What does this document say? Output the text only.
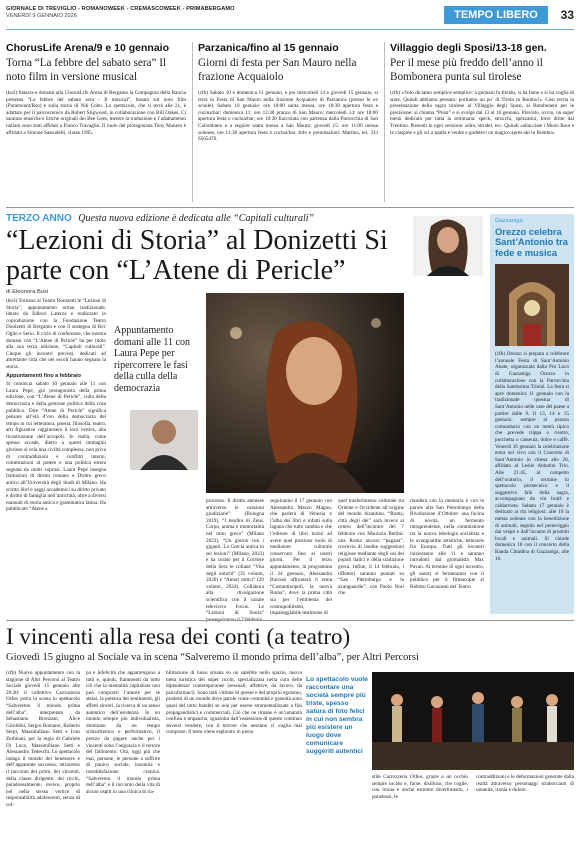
GIORNALE DI TREVIGLIO - ROMANOWEEK - CREMASCOWEEK - PRIMABERGAMO
VENERDÌ 9 GENNAIO 2026	TEMPO LIBERO	33
ChorusLife Arena/9 e 10 gennaio
Torna “La febbre del sabato sera” Il noto film in versione musical
(bo2) Stasera e domani alla ChorusLife Arena di Bergamo la Compagnia della Rancia presenta “La febbre del sabato sera - Il musical”, basato sul noto film (Paramount/Rso) e sulla storia di Nik Cohn. Lo spettacolo, che si terrà alle 21, è adattato per il palcoscenico da Robert Stigwood, in collaborazione con Bill Oakes. Ci saranno musiche e lirtche originali dei Bee Gees, mentre la traduzione e l’adattamento italiani sono stati affidati a Franco Travaglio. Il ruolo del protagonista Tony Manero è affidato a Simone Sassudelli, classe 1995.
Parzanica/fino al 15 gennaio
Giorni di festa per San Mauro nella frazione Acquaiolo
(cfb) Sabato 10 e domenica 11 gennaio, e poi mercoledì 14 e giovedì 15 gennaio, si terrà la Festa di San Mauro nella frazione Acquaiolo di Parzanica (presso le ex scuole). Sabato 10 gennaio: ore 18:00 santa messa, ore 18:30 apertura festa e cucina/bar; domenica 11: ore 12:30 pranzo di San Mauro; mercoledì 14: ore 18:00 apertura festa e cucina/bar, ore 18:30 fiaccolata con partenza dalla Parrocchia di San Colombano e a seguire santa messa a San Mauro; giovedì 15: ore 11:00 messa solenne, ore 11:30 apertura festa e cucina/bar. Info e prenotazioni: Martina, tel. 333 6565470.
Villaggio degli Sposi/13-18 gen.
Per il mese più freddo dell’anno il Bombonera punta sul tirolese
(cfb) «Volo diciamo semplice semplice: a gennaio fa freddo, si ha fame e si ha voglia di stare. Quindi abbiamo pensato: portiamo un po’ di Tirolo in Bombo!». Così recita la presentazione della sagra tirolese al Villaggio degli Sposi, al Bombonera per le precisione: si chiama “Prost” e si svolge dal 13 al 18 gennaio. Previsto, ovvio, un super menù dedicato per tutta la settimana: speck, strucchi, spezzatini, birre dritte dal Trentino. Presenti in ogni versione: sidro, strudel, ecc. Quindi «allacciate i Moon Boot e le ciaspole e gli sci a spalla e venite e godetevi un magico après-ski in Bombo».
TERZO ANNO Questa nuova edizione è dedicata alle “Capitali culturali”
“Lezioni di Storia” al Donizetti Si parte con “L’Atene di Pericle”
di Eleonora Busi
(bo3) Tornano al Teatro Donizetti le “Lezioni di Storia”, appuntamento ormai tradizionale, ideato da Editori Laterza e realizzato in coproduzione con la Fondazione Teatro Donizetti di Bergamo e con il sostegno di Bcc Oglio e Serio. Il ciclo di conferenze, che mostra domani con “L’Atene di Pericle” ha per titolo alla sua terza edizione, “Capitali culturali”. Cinque gli incontri previsti, dedicati ad altrettante città che nei secoli hanno segnato la storia.
Appuntamenti fino a febbraio
Si comincia sabato 10 gennaio alle 11 con Laura Pepe, già protagonista della prima edizione, con “L’Atene di Pericle”, culla della democrazia e della gestione politica della cosa pubblica. Dire “Atene di Pericle” significa pensare all’età d’oro della democrazia del tempo in cui letteratura, poesia, filosofia, teatro, arti figurative raggiunsero il loro vertice, alla ricostruzione dell’acropoli. In realtà, come spesso accade, dietro a questi immagini gloriose si cela una civiltà complessa, non priva di contraddizioni e conflitti interni, contestazioni al potere e una politica estera segnata da molti soprusi. Laura Pepé insegna Istituzioni di diritto romano e Diritto greco antico all’Università degli Studi di Milano. Ha scritto libri e saggi accademici su diritto privato e diritto di famiglia nell’antichità, oltre a diversi manuali di storia antica e grammatica latina. Ha pubblicato “Atene a
Appuntamento domani alle 11 con Laura Pepe per ripercorrere le fasi della culla della democrazia
processo. Il diritto ateniese attraverso le orazioni giudiziarie” (Bologna 2019), “I tendini di Zeus. Corpo, anima e immortalità nel mito greco” (Milano 2023), “Un giorno con i giganti. La Grecia antica in sei lezioni” (Milano, 2023) e ha curato per il Corriere della Sera le collane “Vita degli antichi” (35 volumi, 2020) e “Amori mitici” (20 volumi, 2024). Collabora alla divulgazione scientifica con il canale televisivo Focus. Le “Lezioni di Storia”
seguiranno il 17 gennaio con Alessandro Mazzo Magno, che parlerà di Venezia e l’alba dei libri e infatti sulla laguna che tutto cambia e che l’editore di libri iniziò ad avere quel prezioso ruolo di mediatore culturale conservato fino ai nostri giorni. Per il terzo appuntamento, in programma il 24 gennaio, Alessandra Bucossi affronterà il tema “Costantinopoli, la nuova Roma”, dove la prima città sia per l’emblema del cosmopolitismo, impareggiabile testimone di
quel trasferimento culturale tra Oriente e Occidente all’origine del mondo bizantino. “Roma, città degli dei” sarà invece al centro dell’incontro del 7 febbraio con Maurizio Bettini: una Roma ancora “pagana”, crocevia di inedite suggestioni religiose mediante degli usi dei popoli italici e della tradizione greca. Infine, il 14 febbraio, i riflettori saranno puntati su “San Pietroburgo e le avanguardie”, con Paolo Nori che
rianderà con la memoria e con le parole alla San Pietroburgo della Rivoluzione d’Ottobre: una fucina di novità, un fermento intraprendente, nella commistione tra la nuova ideologia socialista e le avanguardie artistiche, letterarie fra Europa. Tutti gli incontri inizieranno alle 11 e saranno introdotti dal giornalista Max Pavan. Al termine di ogni incontro, gli autori si fermeranno con il pubblico per il firmacopie al Ridotto Gavazzeni del Teatro.
Gazzaniga
Orezzo celebra Sant’Antonio tra fede e musica
(cfb) Orezzo si prepara a celebrare l’annuale Festa di Sant’Antonio Abate, organizzata dalla Pro Loco di Gazzaniga Orezzo in collaborazione con la Parrocchia della Santissima Trinità. La festa si apre domenica 11 gennaio con la tradizionale questua di Sant’Antonio nelle case del paese a partire dalle 9. Il 13, 14 e 15 gennaio, sempre al pranzo comunitario con un menù tipico che prevede trippa o risotto, porchetta o casseula, dolce e caffè. Venerdì 16 gennaio la celebrazione entra nel vivo con il Concerto di Sant’Antonio in chiesa alle 20, affidato al Leslie Abbatini Trio. Alle 21.45, al campetto dell’oratorio, il termine lo spettacolo pirotecnico e il suggestivo falò della sagra, accompagnato da vin brulè e caldarroste. Sabato 17 gennaio è dedicato ai riti religiosi: alle 10 la messa solenne con la benedizione di animali, seguita nel pomeriggio dai vespri e dall’incanto di prodotti locali e animali. Si chiude domenica 18 con il concerto della Banda Cittadina di Gazzaniga, alle 16.
I vincenti alla resa dei conti (a teatro)
Giovedì 15 giugno al Sociale va in scena “Salveremo il mondo prima dell’alba”, per Altri Percorsi
(cfb) Nuovo appuntamento con la stagione di Altri Percorsi al Teatro Sociale giovedì 15 gennaio alle 20:30: il collettivo Carrozzeria Orfeo porta in scena lo spettacolo “Salveremo il mondo prima dell’alba”, interpretato da Sebastiano Bronzato, Alice Giroldini, Sergio Romano, Roberto Serpi, Massimiliano Setti e Ivan Zerbinati, per la regia di Gabriele Di Luca, Massimiliano Setti e Alessandro Tedeschi. Lo spettacolo indaga il mondo del benessere e dell’apparente successo, attraverso il racconto dei primi, dei vincenti, della classe dirigente: dei ricchi, paradossalmente, invece, proprio nel nella stesso vertice di responsabilità adolescenti, senza di col-
pa e infelicità che appartengono a tutti e, quindi, frammenti da tutto ciò che la mentalità capitalista non può comprare: l’amore per se stessi, la potenza dei sentimenti, gli affetti sinceri, la ricerca di un senso autentico dell’esistenza. In un mondo sempre più individualista, dominato da un tempo schizofrenico e performativo, il prezzo da pagare anche per i vincenti sono l’angoscia e il terrore del fallimento. Ora, oggi più che mai, persone, le persone a soffrire di panico sociale, insonnia e insoddisfazione cronica. “Salveremo il mondo prima dell’alba” è il racconto della vita di alcuni ospiti in una clinica di ria-
bilitazione di lusso situata su un satellite nello spazio, nuova meta turistica dei super ricchi, specializzata nella cura delle dipendenze contemporanee (sessuali, affettive, da lavoro, da psicofarmaci). Sono tutti vittime di queste e del proprio egoismo, prodotti di un mondo dove parole come comunità e gratuità sono quasi del tutto banditi se non per essere strumentalizzate a fini propagandistici e commerciali. Ciò che ne rimane è un’umanità confusa e impaurita, sguarnita dall’ossessione di questo continuo doversi vendere, con il terrore che nessuno ci voglia mai comprare. Il testo viene esplorato in pieno
Lo spettacolo vuole raccontare una società sempre più triste, spesso satura di foto felici in cui non sembra più esistere un luogo dove comunicare suggeriti autentici
stile Carrozzeria Orfeo, grazie a un occhio sempre lucido e, forse, disilluso, che coglie, con ironia e anche estremo divertimento, i paradossi, le
contraddizioni e le deformazioni generate dalla realtà attraverso personaggi straboccanti di umanità, ironia e dolore.
